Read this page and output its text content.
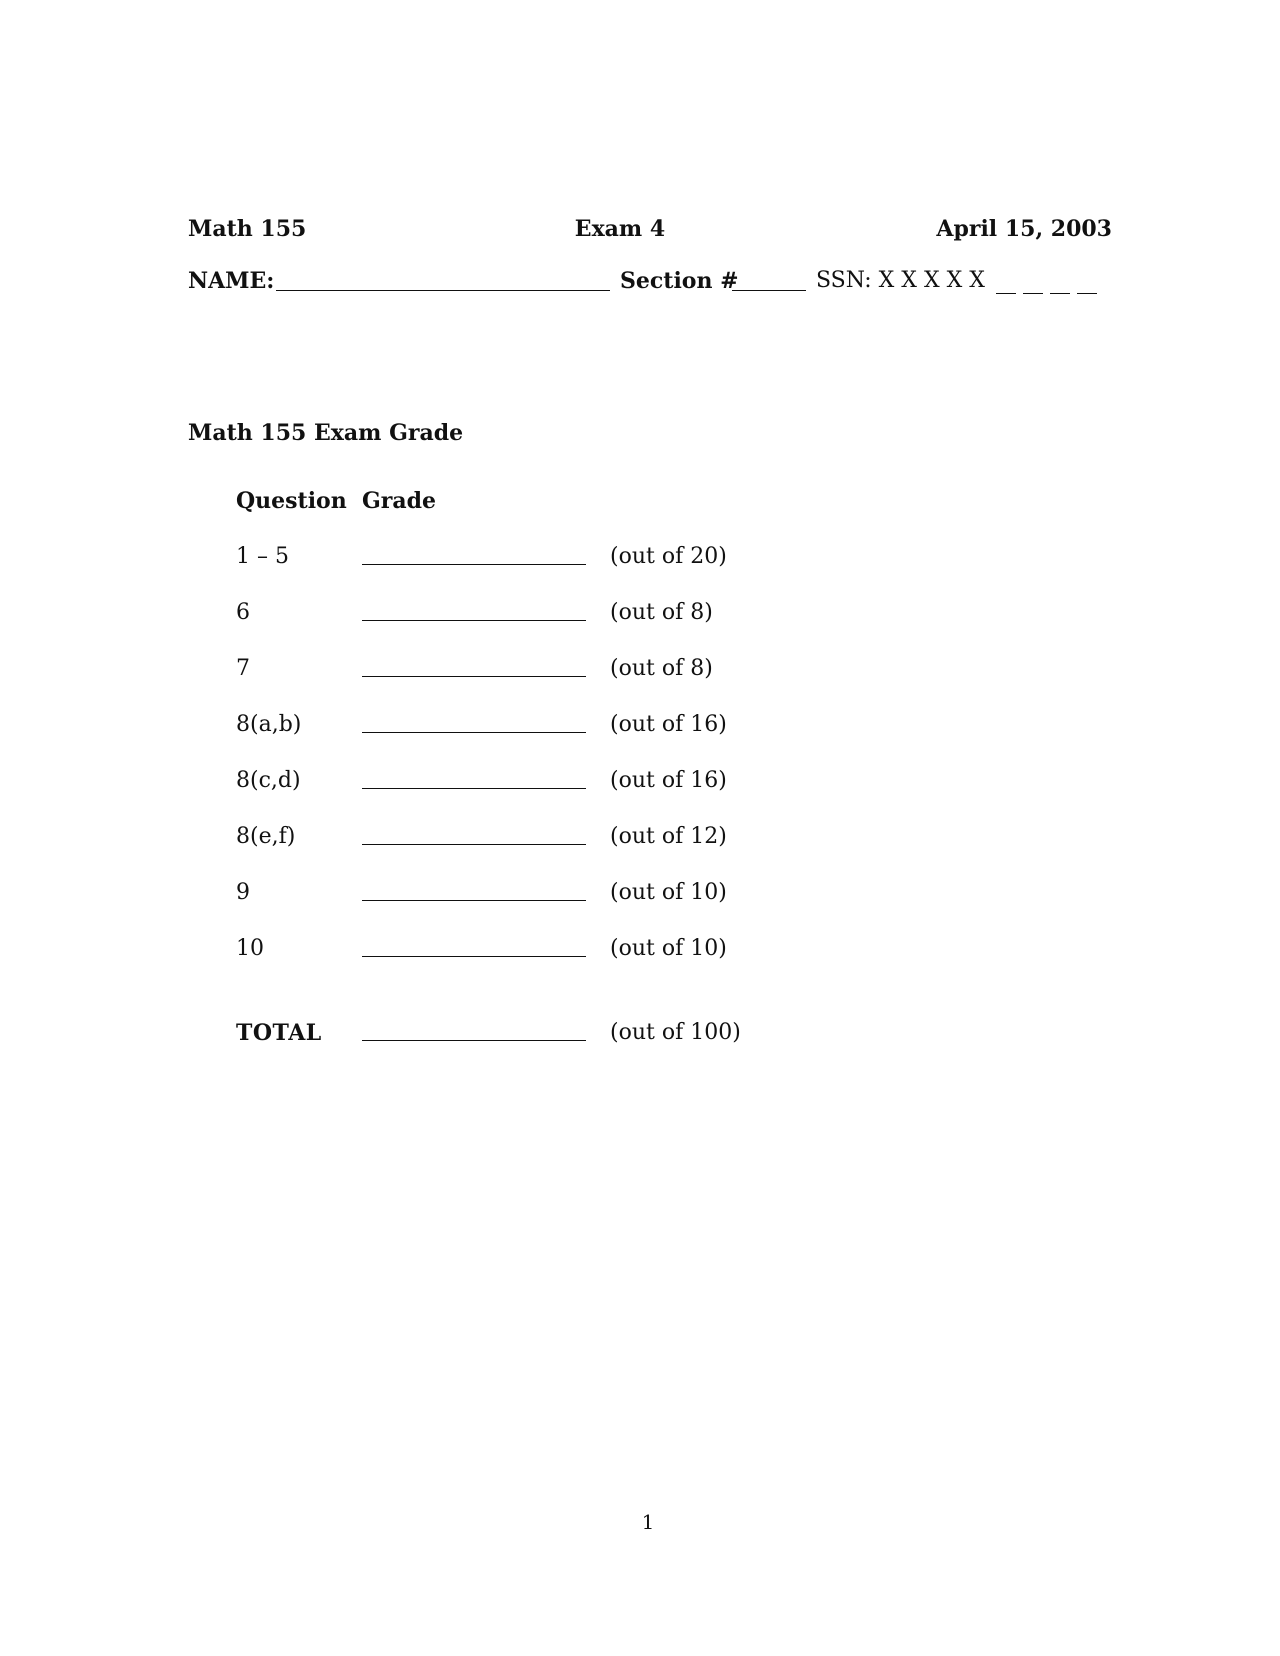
Math 155	Exam 4	April 15, 2003
NAME:	Section #	SSN: X X X X X
Math 155 Exam Grade
Question Grade
1 – 5	(out of 20)
6	(out of 8)
7	(out of 8)
8(a,b)	(out of 16)
8(c,d)	(out of 16)
8(e,f)	(out of 12)
9	(out of 10)
10	(out of 10)
TOTAL	(out of 100)
1
